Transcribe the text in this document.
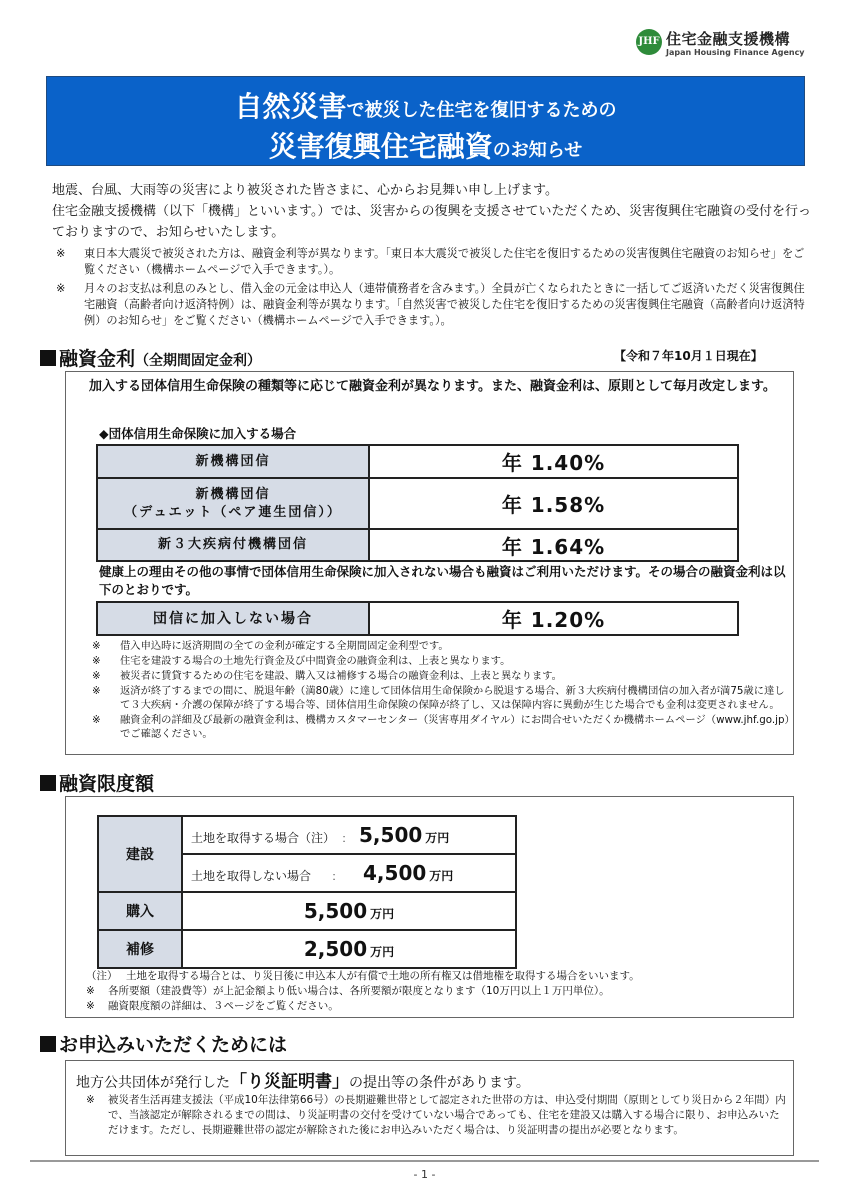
JHF 住宅金融支援機構
Japan Housing Finance Agency
自然災害で被災した住宅を復旧するための
災害復興住宅融資のお知らせ

地震、台風、大雨等の災害により被災された皆さまに、心からお見舞い申し上げます。

住宅金融支援機構（以下「機構」といいます。）では、災害からの復興を支援させていただくため、災害復興住宅融資の受付を行っておりますので、お知らせいたします。

※ 東日本大震災で被災された方は、融資金利等が異なります。「東日本大震災で被災した住宅を復旧するための災害復興住宅融資のお知らせ」をご覧ください（機構ホームページで入手できます。）。
※ 月々のお支払は利息のみとし、借入金の元金は申込人（連帯債務者を含みます。）全員が亡くなられたときに一括してご返済いただく災害復興住宅融資（高齢者向け返済特例）は、融資金利等が異なります。「自然災害で被災した住宅を復旧するための災害復興住宅融資（高齢者向け返済特例）のお知らせ」をご覧ください（機構ホームページで入手できます。）。
融資金利（全期間固定金利）	【令和７年10月１日現在】

加入する団体信用生命保険の種類等に応じて融資金利が異なります。また、融資金利は、原則として毎月改定します。

◆団体信用生命保険に加入する場合
新機構団信	年 1.40%

新機構団信
（デュエット（ペア連生団信））	年 1.58%
新３大疾病付機構団信	年 1.64%

健康上の理由その他の事情で団体信用生命保険に加入されない場合も融資はご利用いただけます。その場合の融資金利は以下のとおりです。

団信に加入しない場合	年 1.20%
※ 借入申込時に返済期間の全ての金利が確定する全期間固定金利型です。
※ 住宅を建設する場合の土地先行資金及び中間資金の融資金利は、上表と異なります。
※ 被災者に賃貸するための住宅を建設、購入又は補修する場合の融資金利は、上表と異なります。
※ 返済が終了するまでの間に、脱退年齢（満80歳）に達して団体信用生命保険から脱退する場合、新３大疾病付機構団信の加入者が満75歳に達して３大疾病・介護の保障が終了する場合等、団体信用生命保険の保障が終了し、又は保障内容に異動が生じた場合でも金利は変更されません。
※ 融資金利の詳細及び最新の融資金利は、機構カスタマーセンター（災害専用ダイヤル）にお問合せいただくか機構ホームページ（www.jhf.go.jp）でご確認ください。
融資限度額
建設	土地を取得する場合（注） ： 5,500 万円
	土地を取得しない場合 ： 4,500 万円
購入	5,500 万円
補修	2,500 万円
（注） 土地を取得する場合とは、り災日後に申込本人が有償で土地の所有権又は借地権を取得する場合をいいます。
※ 各所要額（建設費等）が上記金額より低い場合は、各所要額が限度となります（10万円以上１万円単位）。
※ 融資限度額の詳細は、３ページをご覧ください。
お申込みいただくためには
地方公共団体が発行した「り災証明書」の提出等の条件があります。
※ 被災者生活再建支援法（平成10年法律第66号）の長期避難世帯として認定された世帯の方は、申込受付期間（原則としてり災日から２年間）内で、当該認定が解除されるまでの間は、り災証明書の交付を受けていない場合であっても、住宅を建設又は購入する場合に限り、お申込みいただけます。ただし、長期避難世帯の認定が解除された後にお申込みいただく場合は、り災証明書の提出が必要となります。
- 1 -
